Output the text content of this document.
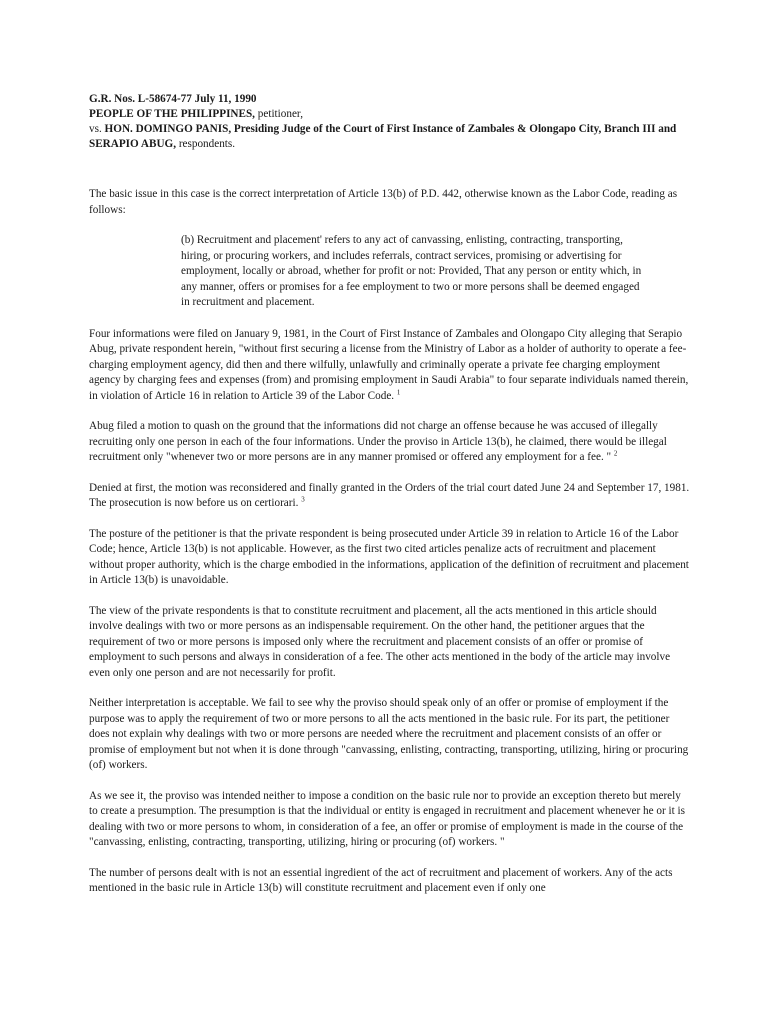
G.R. Nos. L-58674-77 July 11, 1990
PEOPLE OF THE PHILIPPINES, petitioner,
vs. HON. DOMINGO PANIS, Presiding Judge of the Court of First Instance of Zambales & Olongapo City, Branch III and SERAPIO ABUG, respondents.

The basic issue in this case is the correct interpretation of Article 13(b) of P.D. 442, otherwise known as the Labor Code, reading as follows:

(b) Recruitment and placement' refers to any act of canvassing, enlisting, contracting, transporting, hiring, or procuring workers, and includes referrals, contract services, promising or advertising for employment, locally or abroad, whether for profit or not: Provided, That any person or entity which, in any manner, offers or promises for a fee employment to two or more persons shall be deemed engaged in recruitment and placement.

Four informations were filed on January 9, 1981, in the Court of First Instance of Zambales and Olongapo City alleging that Serapio Abug, private respondent herein, "without first securing a license from the Ministry of Labor as a holder of authority to operate a fee-charging employment agency, did then and there wilfully, unlawfully and criminally operate a private fee charging employment agency by charging fees and expenses (from) and promising employment in Saudi Arabia" to four separate individuals named therein, in violation of Article 16 in relation to Article 39 of the Labor Code. $^1$

Abug filed a motion to quash on the ground that the informations did not charge an offense because he was accused of illegally recruiting only one person in each of the four informations. Under the proviso in Article 13(b), he claimed, there would be illegal recruitment only "whenever two or more persons are in any manner promised or offered any employment for a fee. " $^2$

Denied at first, the motion was reconsidered and finally granted in the Orders of the trial court dated June 24 and September 17, 1981. The prosecution is now before us on certiorari. $^3$

The posture of the petitioner is that the private respondent is being prosecuted under Article 39 in relation to Article 16 of the Labor Code; hence, Article 13(b) is not applicable. However, as the first two cited articles penalize acts of recruitment and placement without proper authority, which is the charge embodied in the informations, application of the definition of recruitment and placement in Article 13(b) is unavoidable.

The view of the private respondents is that to constitute recruitment and placement, all the acts mentioned in this article should involve dealings with two or more persons as an indispensable requirement. On the other hand, the petitioner argues that the requirement of two or more persons is imposed only where the recruitment and placement consists of an offer or promise of employment to such persons and always in consideration of a fee. The other acts mentioned in the body of the article may involve even only one person and are not necessarily for profit.

Neither interpretation is acceptable. We fail to see why the proviso should speak only of an offer or promise of employment if the purpose was to apply the requirement of two or more persons to all the acts mentioned in the basic rule. For its part, the petitioner does not explain why dealings with two or more persons are needed where the recruitment and placement consists of an offer or promise of employment but not when it is done through "canvassing, enlisting, contracting, transporting, utilizing, hiring or procuring (of) workers.

As we see it, the proviso was intended neither to impose a condition on the basic rule nor to provide an exception thereto but merely to create a presumption. The presumption is that the individual or entity is engaged in recruitment and placement whenever he or it is dealing with two or more persons to whom, in consideration of a fee, an offer or promise of employment is made in the course of the "canvassing, enlisting, contracting, transporting, utilizing, hiring or procuring (of) workers. "

The number of persons dealt with is not an essential ingredient of the act of recruitment and placement of workers. Any of the acts mentioned in the basic rule in Article 13(b) will constitute recruitment and placement even if only one
